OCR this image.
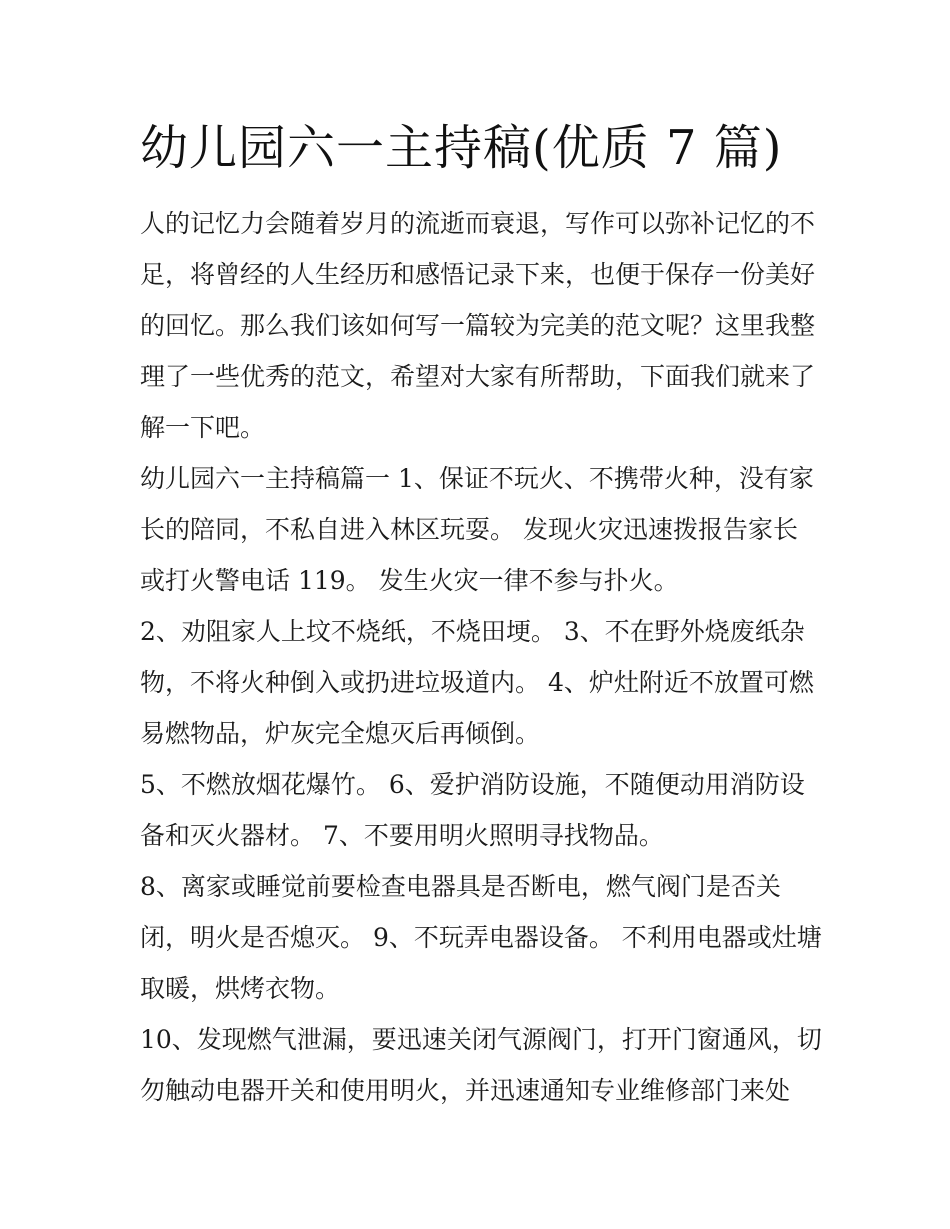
幼儿园六一主持稿(优质 7 篇)
人的记忆力会随着岁月的流逝而衰退，写作可以弥补记忆的不
足，将曾经的人生经历和感悟记录下来，也便于保存一份美好
的回忆。那么我们该如何写一篇较为完美的范文呢？这里我整
理了一些优秀的范文，希望对大家有所帮助，下面我们就来了
解一下吧。
幼儿园六一主持稿篇一 1、保证不玩火、不携带火种，没有家
长的陪同，不私自进入林区玩耍。 发现火灾迅速拨报告家长
或打火警电话 119。 发生火灾一律不参与扑火。
2、劝阻家人上坟不烧纸，不烧田埂。 3、不在野外烧废纸杂
物，不将火种倒入或扔进垃圾道内。 4、炉灶附近不放置可燃
易燃物品，炉灰完全熄灭后再倾倒。
5、不燃放烟花爆竹。 6、爱护消防设施，不随便动用消防设
备和灭火器材。 7、不要用明火照明寻找物品。
8、离家或睡觉前要检查电器具是否断电，燃气阀门是否关
闭，明火是否熄灭。 9、不玩弄电器设备。 不利用电器或灶塘
取暖，烘烤衣物。
10、发现燃气泄漏，要迅速关闭气源阀门，打开门窗通风，切
勿触动电器开关和使用明火，并迅速通知专业维修部门来处
